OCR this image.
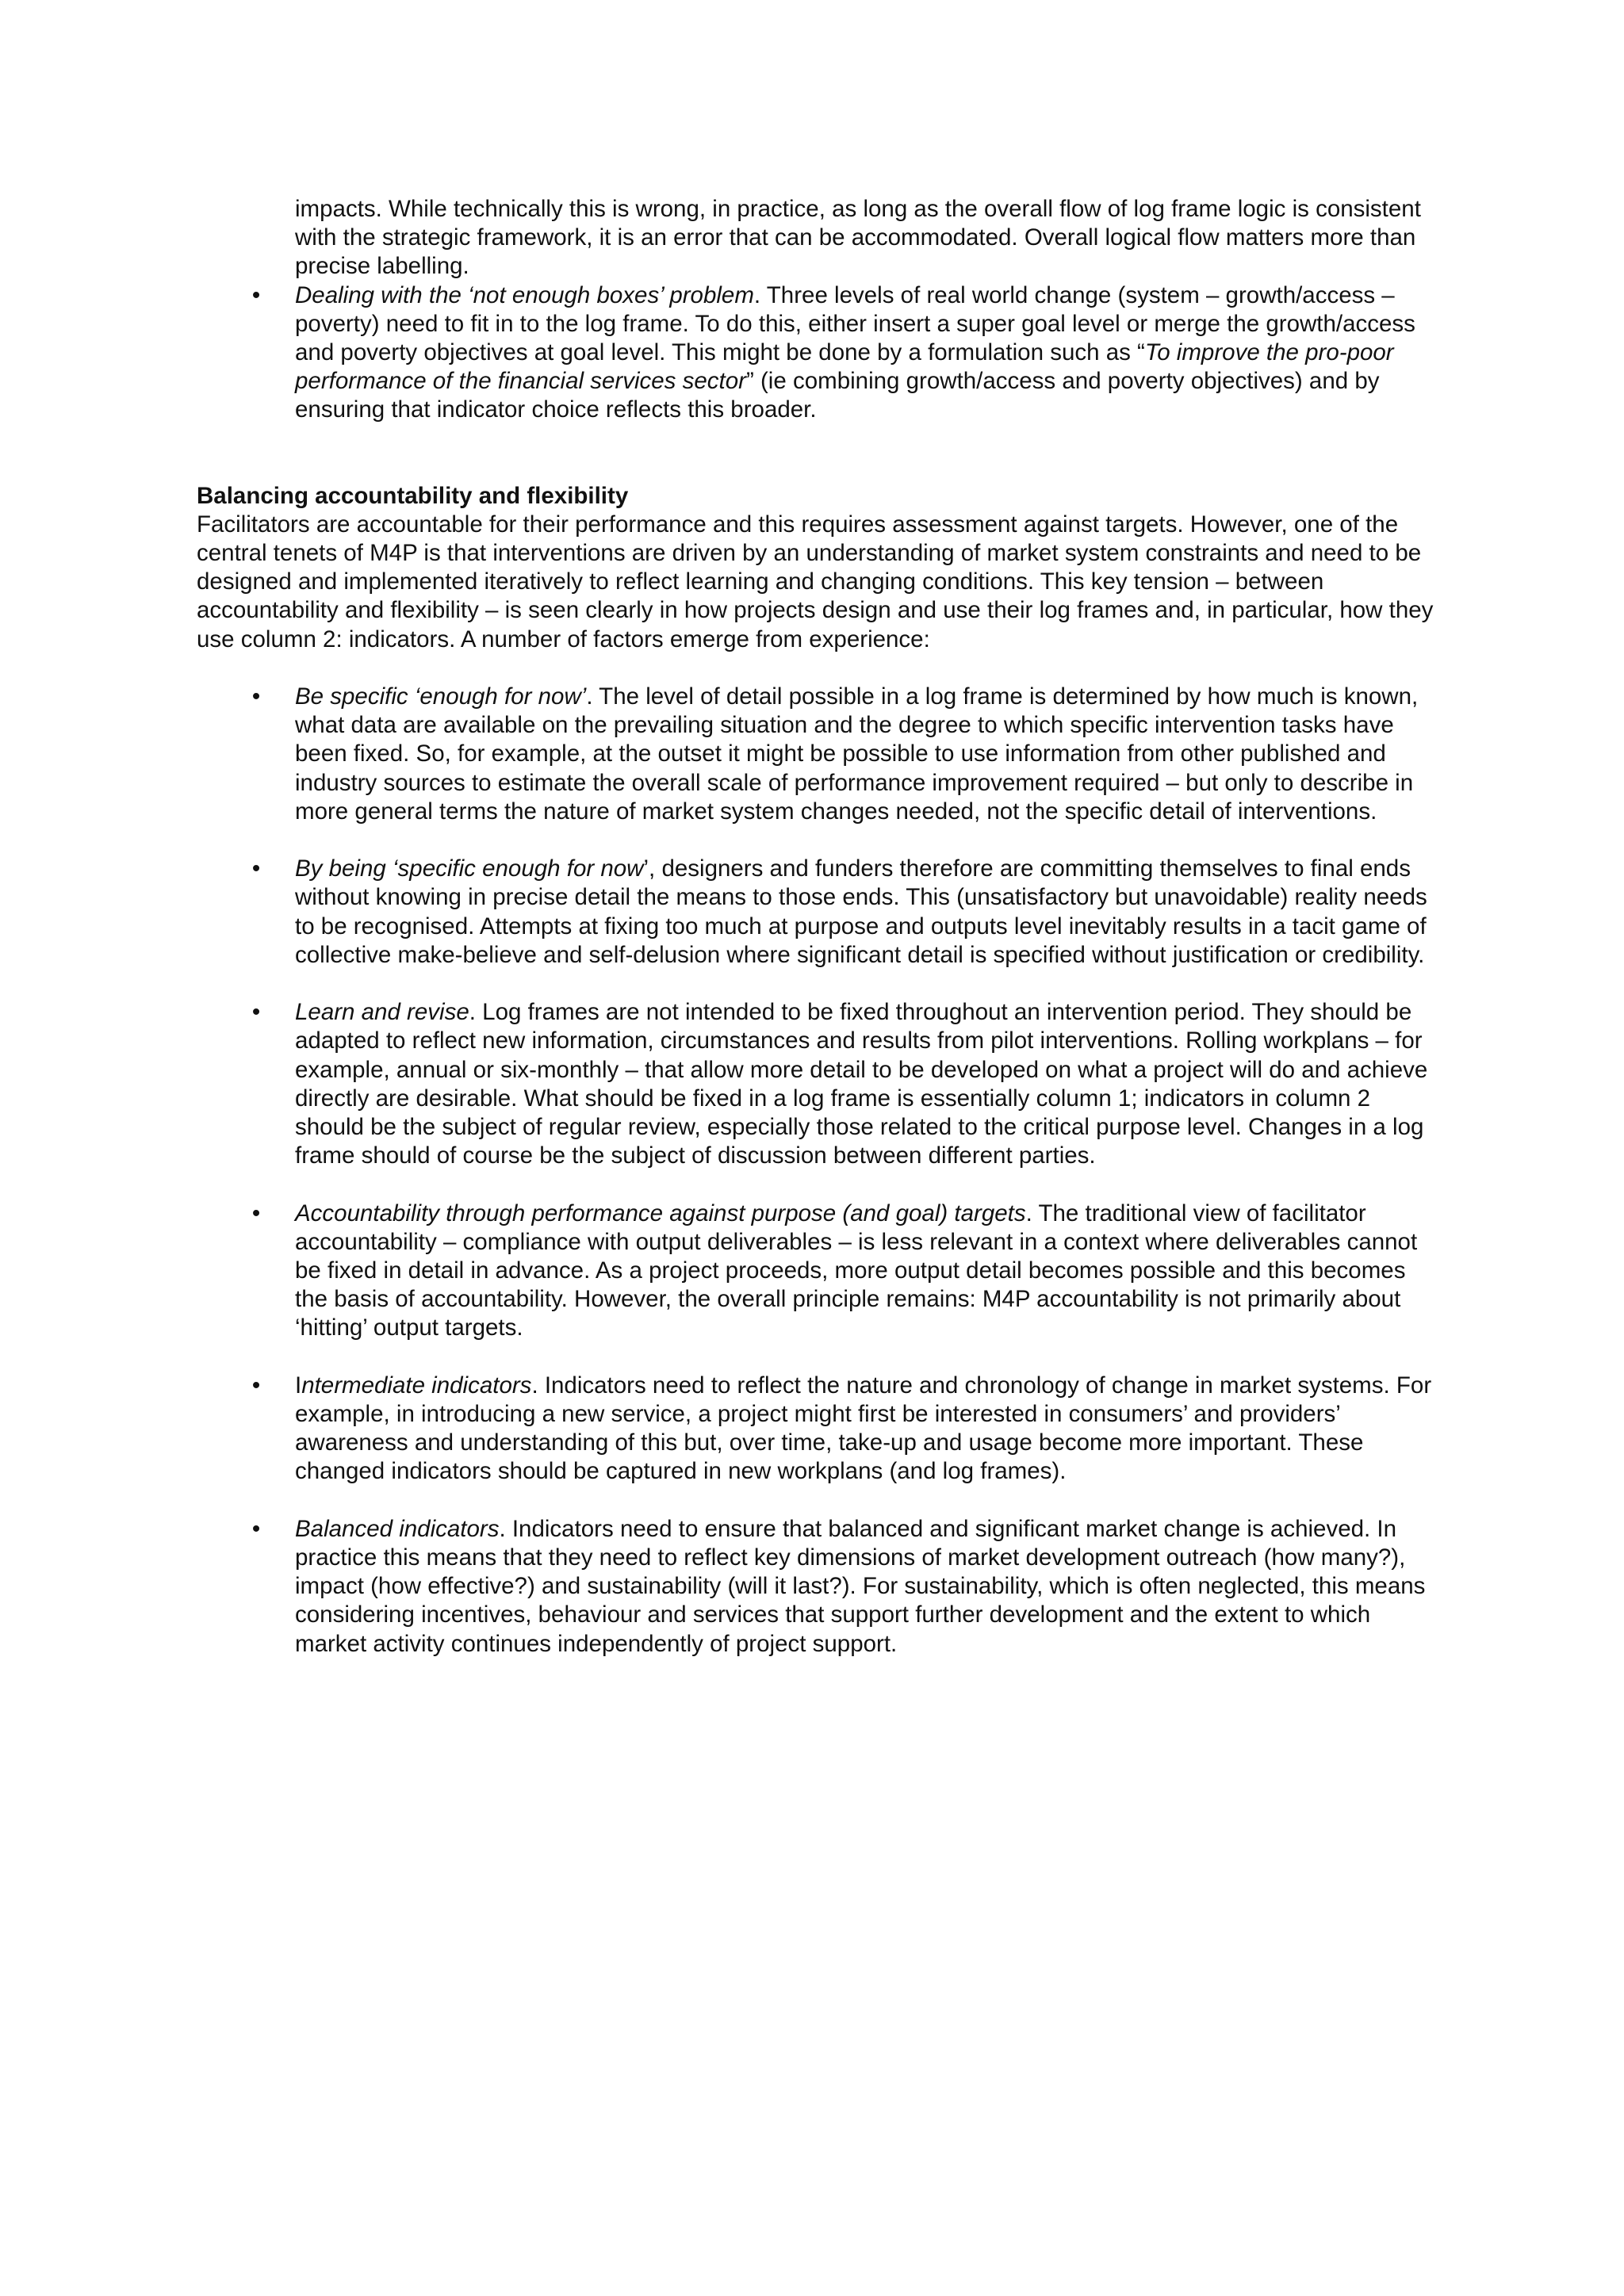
impacts. While technically this is wrong, in practice, as long as the overall flow of log frame logic is consistent with the strategic framework, it is an error that can be accommodated. Overall logical flow matters more than precise labelling.

•	Dealing with the ‘not enough boxes’ problem. Three levels of real world change (system – growth/access – poverty) need to fit in to the log frame. To do this, either insert a super goal level or merge the growth/access and poverty objectives at goal level. This might be done by a formulation such as “To improve the pro-poor performance of the financial services sector” (ie combining growth/access and poverty objectives) and by ensuring that indicator choice reflects this broader.

Balancing accountability and flexibility

Facilitators are accountable for their performance and this requires assessment against targets. However, one of the central tenets of M4P is that interventions are driven by an understanding of market system constraints and need to be designed and implemented iteratively to reflect learning and changing conditions. This key tension – between accountability and flexibility – is seen clearly in how projects design and use their log frames and, in particular, how they use column 2: indicators. A number of factors emerge from experience:

•	Be specific ‘enough for now’. The level of detail possible in a log frame is determined by how much is known, what data are available on the prevailing situation and the degree to which specific intervention tasks have been fixed. So, for example, at the outset it might be possible to use information from other published and industry sources to estimate the overall scale of performance improvement required – but only to describe in more general terms the nature of market system changes needed, not the specific detail of interventions.
•	By being ‘specific enough for now’, designers and funders therefore are committing themselves to final ends without knowing in precise detail the means to those ends. This (unsatisfactory but unavoidable) reality needs to be recognised. Attempts at fixing too much at purpose and outputs level inevitably results in a tacit game of collective make-believe and self-delusion where significant detail is specified without justification or credibility.
•	Learn and revise. Log frames are not intended to be fixed throughout an intervention period. They should be adapted to reflect new information, circumstances and results from pilot interventions. Rolling workplans – for example, annual or six-monthly – that allow more detail to be developed on what a project will do and achieve directly are desirable. What should be fixed in a log frame is essentially column 1; indicators in column 2 should be the subject of regular review, especially those related to the critical purpose level. Changes in a log frame should of course be the subject of discussion between different parties.
•	Accountability through performance against purpose (and goal) targets. The traditional view of facilitator accountability – compliance with output deliverables – is less relevant in a context where deliverables cannot be fixed in detail in advance. As a project proceeds, more output detail becomes possible and this becomes the basis of accountability. However, the overall principle remains: M4P accountability is not primarily about ‘hitting’ output targets.
•	Intermediate indicators. Indicators need to reflect the nature and chronology of change in market systems. For example, in introducing a new service, a project might first be interested in consumers’ and providers’ awareness and understanding of this but, over time, take-up and usage become more important. These changed indicators should be captured in new workplans (and log frames).
•	Balanced indicators. Indicators need to ensure that balanced and significant market change is achieved. In practice this means that they need to reflect key dimensions of market development outreach (how many?), impact (how effective?) and sustainability (will it last?). For sustainability, which is often neglected, this means considering incentives, behaviour and services that support further development and the extent to which market activity continues independently of project support.
